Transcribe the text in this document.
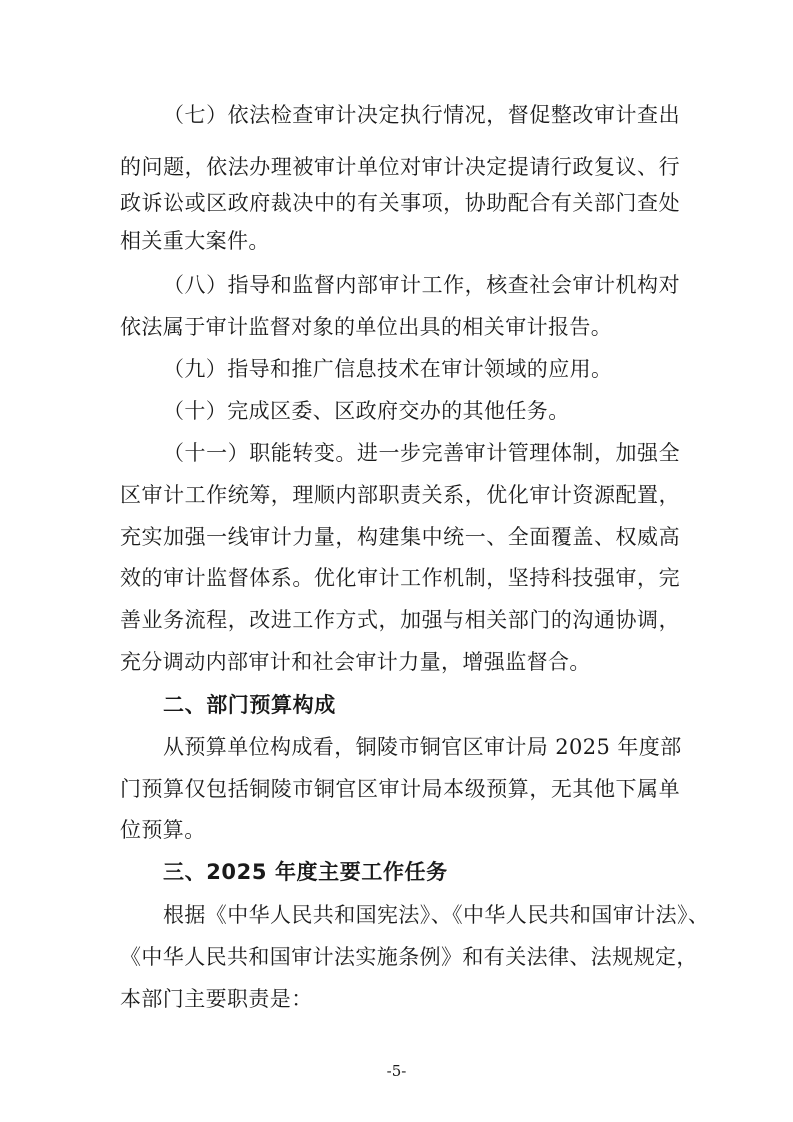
（七）依法检查审计决定执行情况，督促整改审计查出
的问题，依法办理被审计单位对审计决定提请行政复议、行
政诉讼或区政府裁决中的有关事项，协助配合有关部门查处
相关重大案件。
（八）指导和监督内部审计工作，核查社会审计机构对
依法属于审计监督对象的单位出具的相关审计报告。
（九）指导和推广信息技术在审计领域的应用。
（十）完成区委、区政府交办的其他任务。
（十一）职能转变。进一步完善审计管理体制，加强全
区审计工作统筹，理顺内部职责关系，优化审计资源配置，
充实加强一线审计力量，构建集中统一、全面覆盖、权威高
效的审计监督体系。优化审计工作机制，坚持科技强审，完
善业务流程，改进工作方式，加强与相关部门的沟通协调，
充分调动内部审计和社会审计力量，增强监督合。
二、部门预算构成
从预算单位构成看，铜陵市铜官区审计局 2025 年度部
门预算仅包括铜陵市铜官区审计局本级预算，无其他下属单
位预算。
三、2025 年度主要工作任务
根据《中华人民共和国宪法》、《中华人民共和国审计法》、
《中华人民共和国审计法实施条例》和有关法律、法规规定，
本部门主要职责是：
-5-
